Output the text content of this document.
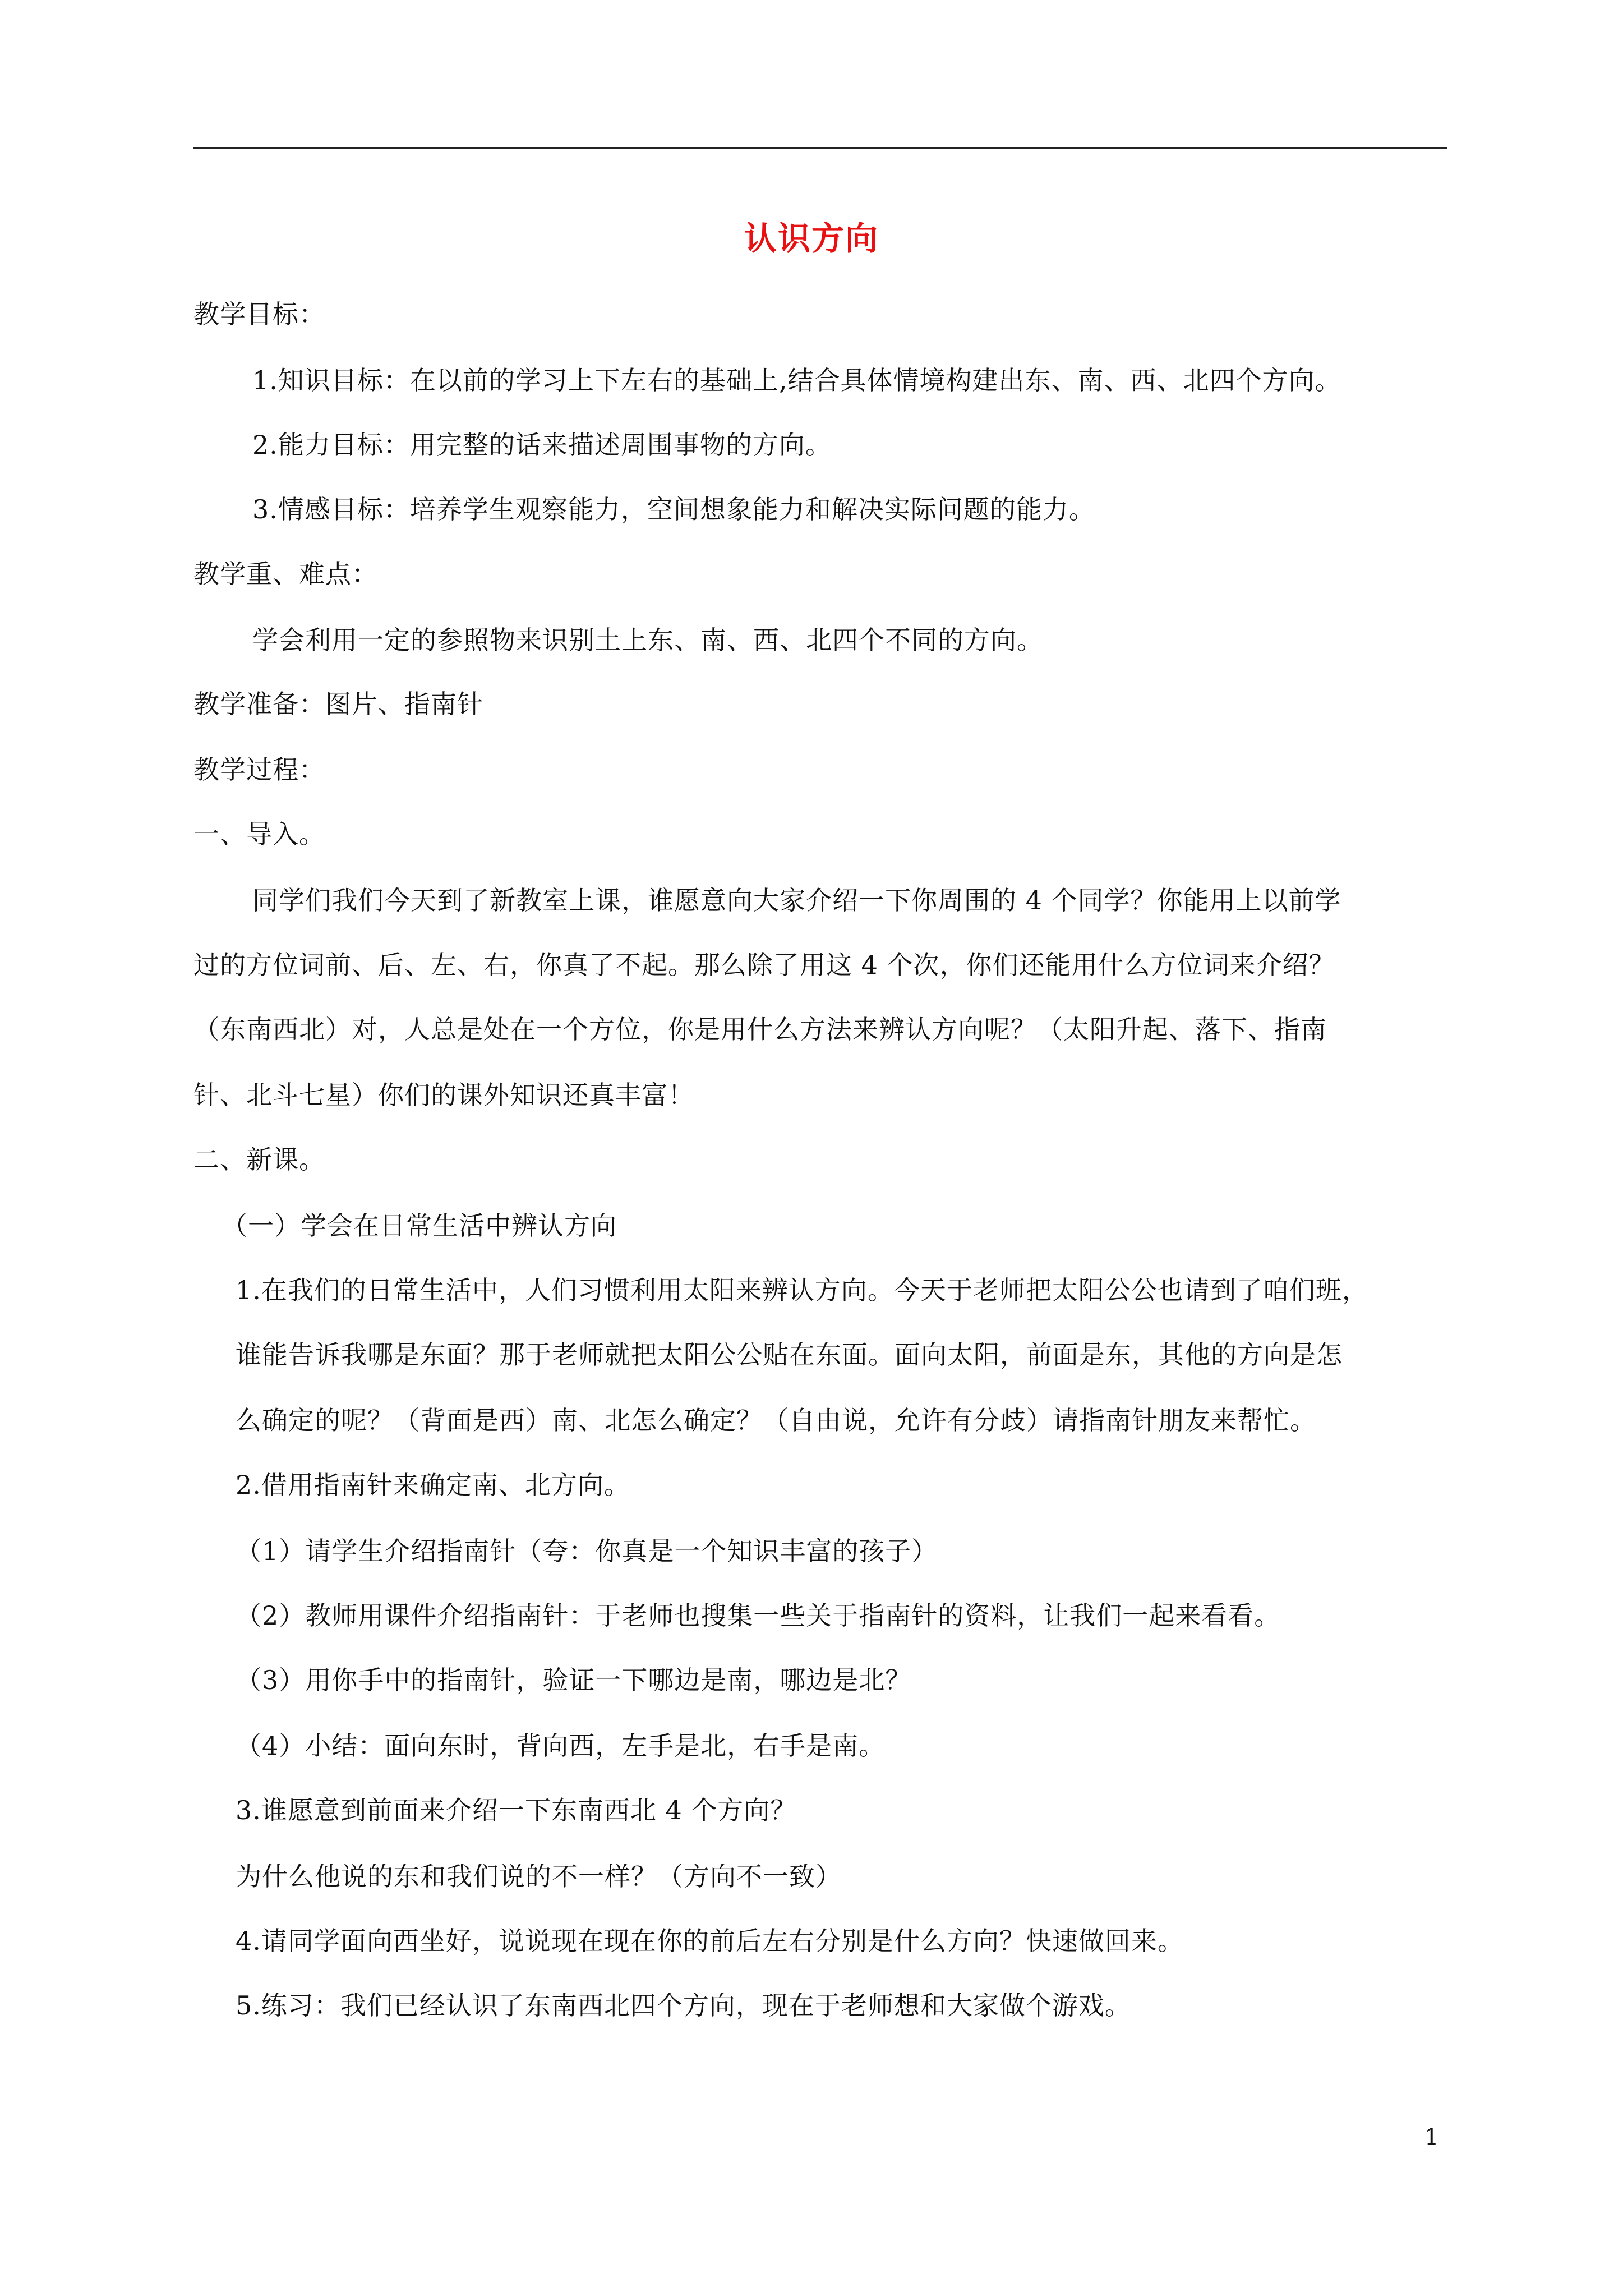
认识方向
教学目标：
1.知识目标：在以前的学习上下左右的基础上,结合具体情境构建出东、南、西、北四个方向。
2.能力目标：用完整的话来描述周围事物的方向。
3.情感目标：培养学生观察能力，空间想象能力和解决实际问题的能力。
教学重、难点：
学会利用一定的参照物来识别土上东、南、西、北四个不同的方向。
教学准备：图片、指南针
教学过程：
一、导入。
同学们我们今天到了新教室上课，谁愿意向大家介绍一下你周围的 4 个同学？你能用上以前学
过的方位词前、后、左、右，你真了不起。那么除了用这 4 个次，你们还能用什么方位词来介绍？
（东南西北）对，人总是处在一个方位，你是用什么方法来辨认方向呢？（太阳升起、落下、指南
针、北斗七星）你们的课外知识还真丰富！
二、新课。
（一）学会在日常生活中辨认方向
1.在我们的日常生活中，人们习惯利用太阳来辨认方向。今天于老师把太阳公公也请到了咱们班，
谁能告诉我哪是东面？那于老师就把太阳公公贴在东面。面向太阳，前面是东，其他的方向是怎
么确定的呢？（背面是西）南、北怎么确定？（自由说，允许有分歧）请指南针朋友来帮忙。
2.借用指南针来确定南、北方向。
（1）请学生介绍指南针（夸：你真是一个知识丰富的孩子）
（2）教师用课件介绍指南针：于老师也搜集一些关于指南针的资料，让我们一起来看看。
（3）用你手中的指南针，验证一下哪边是南，哪边是北？
（4）小结：面向东时，背向西，左手是北，右手是南。
3.谁愿意到前面来介绍一下东南西北 4 个方向？
为什么他说的东和我们说的不一样？（方向不一致）
4.请同学面向西坐好，说说现在现在你的前后左右分别是什么方向？快速做回来。
5.练习：我们已经认识了东南西北四个方向，现在于老师想和大家做个游戏。
1
